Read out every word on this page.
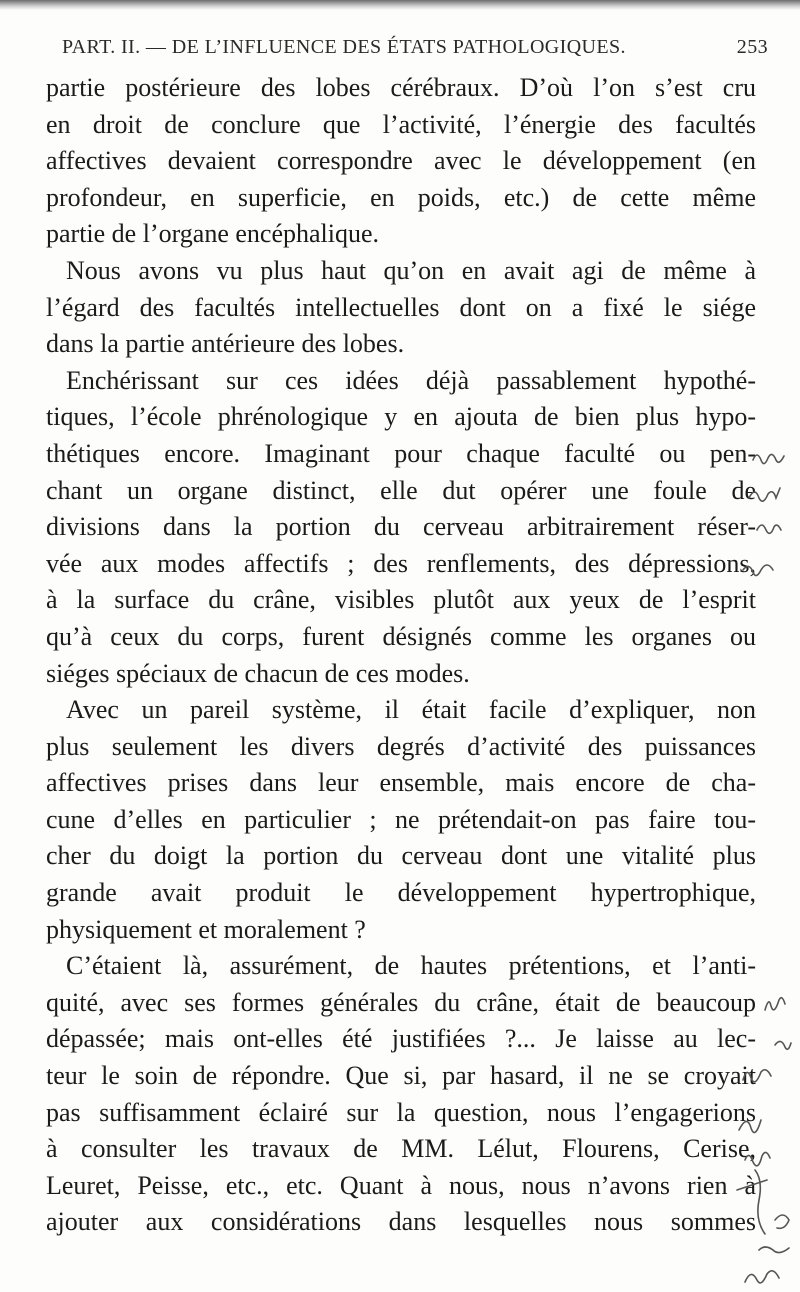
PART. II. — DE L’INFLUENCE DES ÉTATS PATHOLOGIQUES.	253
partie postérieure des lobes cérébraux. D’où l’on s’est cru
en droit de conclure que l’activité, l’énergie des facultés
affectives devaient correspondre avec le développement (en
profondeur, en superficie, en poids, etc.) de cette même
partie de l’organe encéphalique.
Nous avons vu plus haut qu’on en avait agi de même à
l’égard des facultés intellectuelles dont on a fixé le siége
dans la partie antérieure des lobes.
Enchérissant sur ces idées déjà passablement hypothé-
tiques, l’école phrénologique y en ajouta de bien plus hypo-
thétiques encore. Imaginant pour chaque faculté ou pen-
chant un organe distinct, elle dut opérer une foule de
divisions dans la portion du cerveau arbitrairement réser-
vée aux modes affectifs ; des renflements, des dépressions,
à la surface du crâne, visibles plutôt aux yeux de l’esprit
qu’à ceux du corps, furent désignés comme les organes ou
siéges spéciaux de chacun de ces modes.
Avec un pareil système, il était facile d’expliquer, non
plus seulement les divers degrés d’activité des puissances
affectives prises dans leur ensemble, mais encore de cha-
cune d’elles en particulier ; ne prétendait-on pas faire tou-
cher du doigt la portion du cerveau dont une vitalité plus
grande avait produit le développement hypertrophique,
physiquement et moralement ?
C’étaient là, assurément, de hautes prétentions, et l’anti-
quité, avec ses formes générales du crâne, était de beaucoup
dépassée; mais ont-elles été justifiées ?... Je laisse au lec-
teur le soin de répondre. Que si, par hasard, il ne se croyait
pas suffisamment éclairé sur la question, nous l’engagerions
à consulter les travaux de MM. Lélut, Flourens, Cerise,
Leuret, Peisse, etc., etc. Quant à nous, nous n’avons rien à
ajouter aux considérations dans lesquelles nous sommes
